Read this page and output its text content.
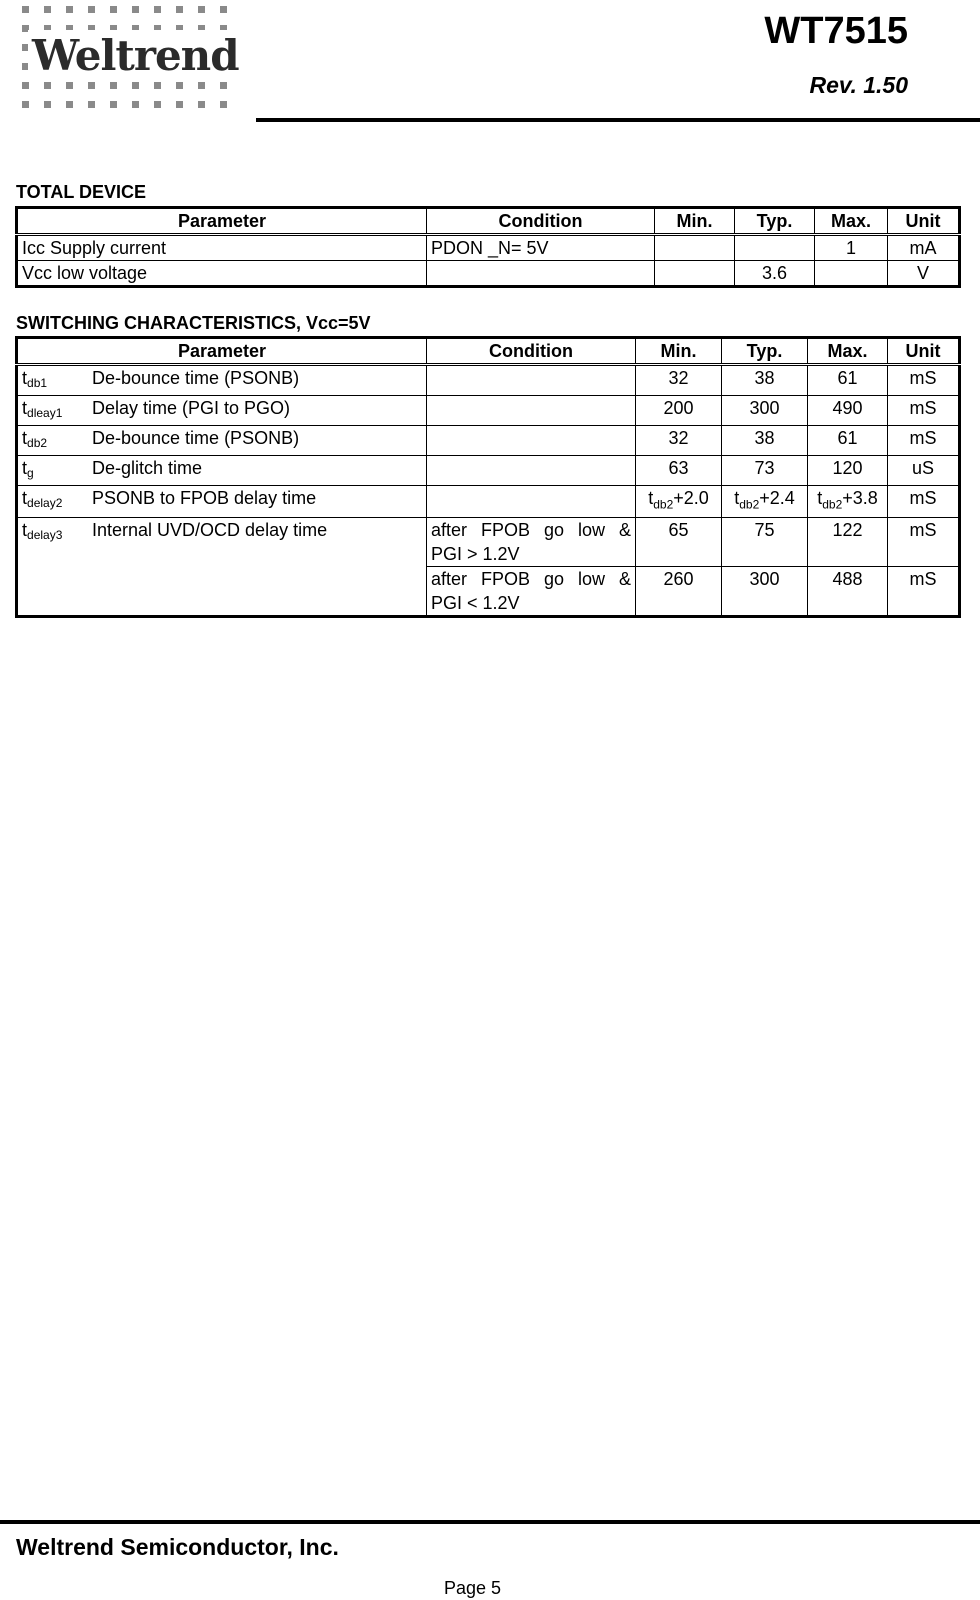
Weltrend	WT7515
Rev. 1.50
TOTAL DEVICE
Parameter	Condition	Min.	Typ.	Max.	Unit
Icc Supply current	PDON _N= 5V			1	mA
Vcc low voltage			3.6		V
SWITCHING CHARACTERISTICS, Vcc=5V
Parameter	Condition	Min.	Typ.	Max.	Unit
tdb1 De-bounce time (PSONB)		32	38	61	mS
tdleay1 Delay time (PGI to PGO)		200	300	490	mS
tdb2 De-bounce time (PSONB)		32	38	61	mS
tg De-glitch time		63	73	120	uS
tdelay2 PSONB to FPOB delay time		$t_{db2}+2.0$	$t_{db2}+2.4$	$t_{db2}+3.8$	mS
tdelay3 Internal UVD/OCD delay time	after FPOB go low & PGI > 1.2V	65	75	122	mS
	after FPOB go low & PGI < 1.2V	260	300	488	mS
Weltrend Semiconductor, Inc.
Page 5
